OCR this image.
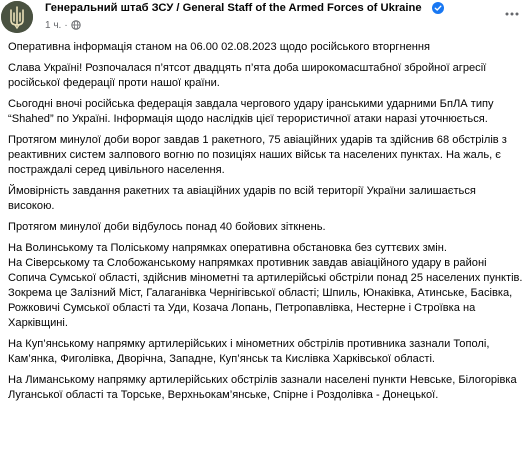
Генеральний штаб ЗСУ / General Staff of the Armed Forces of Ukraine
1 ч. ·

Оперативна інформація станом на 06.00 02.08.2023 щодо російського вторгнення

Слава Україні! Розпочалася п’ятсот двадцять п’ята доба широкомасштабної збройної агресії російської федерації проти нашої країни.

Сьогодні вночі російська федерація завдала чергового удару іранськими ударними БпЛА типу “Shahed” по Україні. Інформація щодо наслідків цієї терористичної атаки наразі уточнюється.

Протягом минулої доби ворог завдав 1 ракетного, 75 авіаційних ударів та здійснив 68 обстрілів з реактивних систем залпового вогню по позиціях наших військ та населених пунктах. На жаль, є постраждалі серед цивільного населення.

Ймовірність завдання ракетних та авіаційних ударів по всій території України залишається високою.

Протягом минулої доби відбулось понад 40 бойових зіткнень.

На Волинському та Поліському напрямках оперативна обстановка без суттєвих змін.

На Сіверському та Слобожанському напрямках противник завдав авіаційного удару в районі Сопича Сумської області, здійснив мінометні та артилерійські обстріли понад 25 населених пунктів. Зокрема це Залізний Міст, Галаганівка Чернігівської області; Шпиль, Юнаківка, Атинське, Басівка, Рожковичі Сумської області та Уди, Козача Лопань, Петропавлівка, Нестерне і Строївка на Харківщині.

На Куп’янському напрямку артилерійських і мінометних обстрілів противника зазнали Тополі, Кам’янка, Фиголівка, Дворічна, Западне, Куп’янськ та Кислівка Харківської області.

На Лиманському напрямку артилерійських обстрілів зазнали населені пункти Невське, Білогорівка Луганської області та Торське, Верхньокам’янське, Спірне і Роздолівка - Донецької.
